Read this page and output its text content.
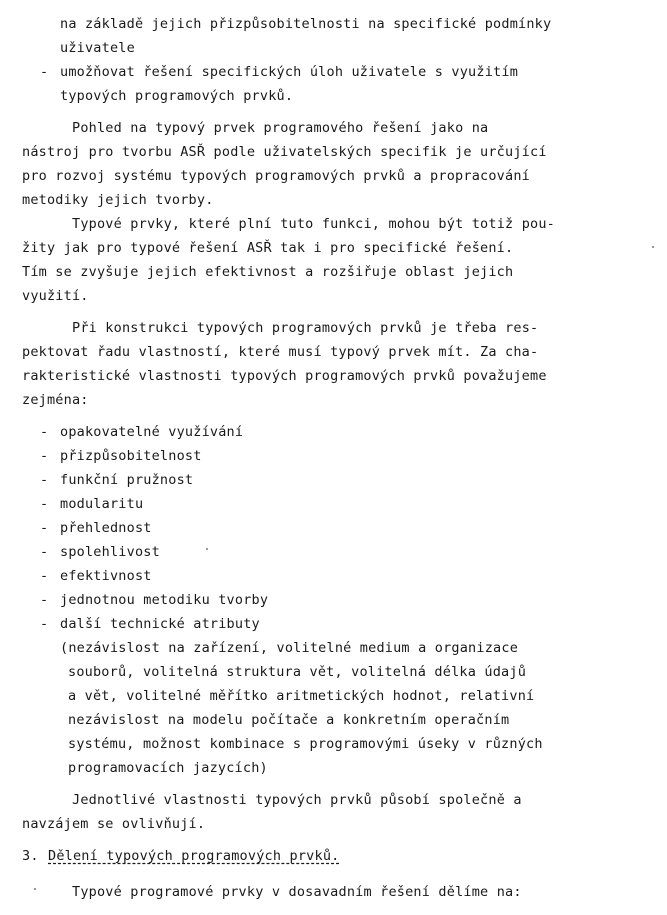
na základě jejich přizpůsobitelnosti na specifické podmínky
uživatele
- umožňovat řešení specifických úloh uživatele s využitím
typových programových prvků.
Pohled na typový prvek programového řešení jako na
nástroj pro tvorbu ASŘ podle uživatelských specifik je určující
pro rozvoj systému typových programových prvků a propracování
metodiky jejich tvorby.
Typové prvky, které plní tuto funkci, mohou být totiž pou-
žity jak pro typové řešení ASŘ tak i pro specifické řešení.
Tím se zvyšuje jejich efektivnost a rozšiřuje oblast jejich
využití.
Při konstrukci typových programových prvků je třeba res-
pektovat řadu vlastností, které musí typový prvek mít. Za cha-
rakteristické vlastnosti typových programových prvků považujeme
zejména:
- opakovatelné využívání
- přizpůsobitelnost
- funkční pružnost
- modularitu
- přehlednost
- spolehlivost
- efektivnost
- jednotnou metodiku tvorby
- další technické atributy
(nezávislost na zařízení, volitelné medium a organizace
souborů, volitelná struktura vět, volitelná délka údajů
a vět, volitelné měřítko aritmetických hodnot, relativní
nezávislost na modelu počítače a konkretním operačním
systému, možnost kombinace s programovými úseky v různých
programovacích jazycích)
Jednotlivé vlastnosti typových prvků působí společně a
navzájem se ovlivňují.
3. Dělení typových programových prvků.
Typové programové prvky v dosavadním řešení dělíme na:
